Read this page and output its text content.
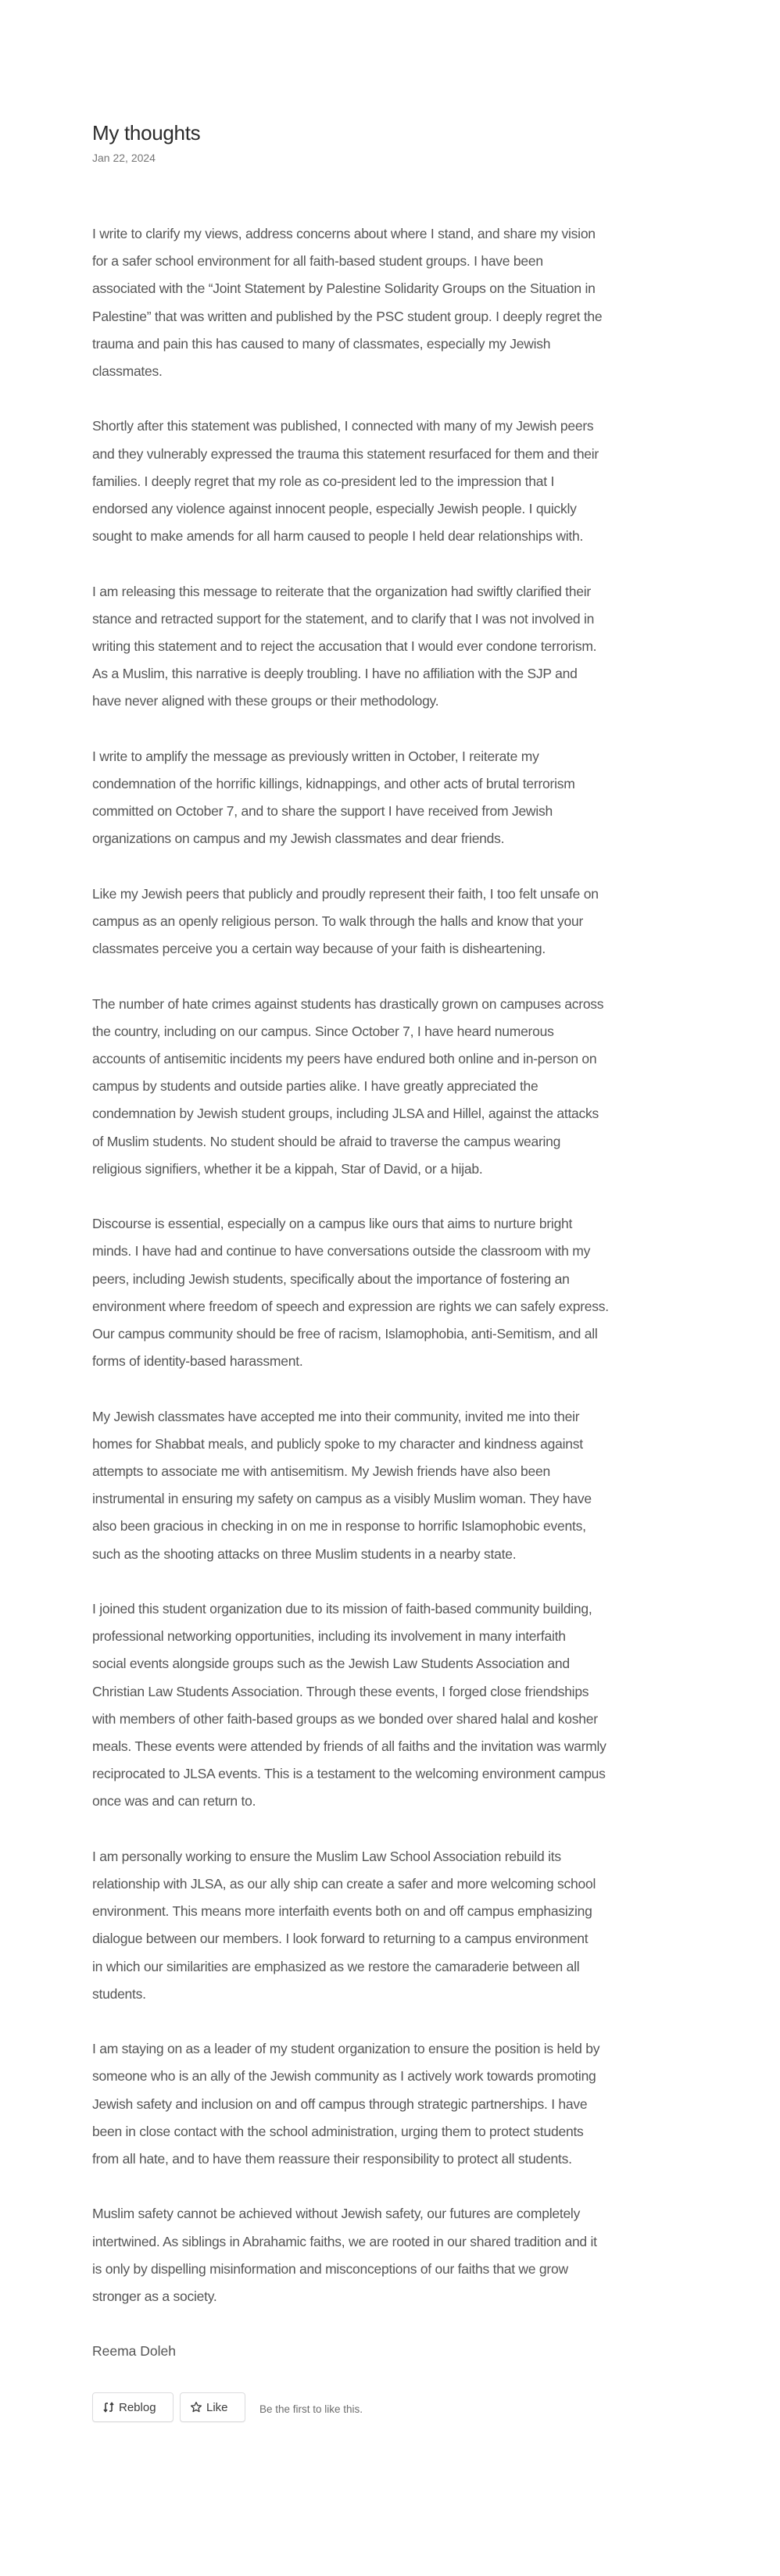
My thoughts
Jan 22, 2024

I write to clarify my views, address concerns about where I stand, and share my vision
for a safer school environment for all faith-based student groups. I have been
associated with the “Joint Statement by Palestine Solidarity Groups on the Situation in
Palestine” that was written and published by the PSC student group. I deeply regret the
trauma and pain this has caused to many of classmates, especially my Jewish
classmates.

Shortly after this statement was published, I connected with many of my Jewish peers
and they vulnerably expressed the trauma this statement resurfaced for them and their
families. I deeply regret that my role as co-president led to the impression that I
endorsed any violence against innocent people, especially Jewish people. I quickly
sought to make amends for all harm caused to people I held dear relationships with.

I am releasing this message to reiterate that the organization had swiftly clarified their
stance and retracted support for the statement, and to clarify that I was not involved in
writing this statement and to reject the accusation that I would ever condone terrorism.
As a Muslim, this narrative is deeply troubling. I have no affiliation with the SJP and
have never aligned with these groups or their methodology.

I write to amplify the message as previously written in October, I reiterate my
condemnation of the horrific killings, kidnappings, and other acts of brutal terrorism
committed on October 7, and to share the support I have received from Jewish
organizations on campus and my Jewish classmates and dear friends.

Like my Jewish peers that publicly and proudly represent their faith, I too felt unsafe on
campus as an openly religious person. To walk through the halls and know that your
classmates perceive you a certain way because of your faith is disheartening.

The number of hate crimes against students has drastically grown on campuses across
the country, including on our campus. Since October 7, I have heard numerous
accounts of antisemitic incidents my peers have endured both online and in-person on
campus by students and outside parties alike. I have greatly appreciated the
condemnation by Jewish student groups, including JLSA and Hillel, against the attacks
of Muslim students. No student should be afraid to traverse the campus wearing
religious signifiers, whether it be a kippah, Star of David, or a hijab.

Discourse is essential, especially on a campus like ours that aims to nurture bright
minds. I have had and continue to have conversations outside the classroom with my
peers, including Jewish students, specifically about the importance of fostering an
environment where freedom of speech and expression are rights we can safely express.
Our campus community should be free of racism, Islamophobia, anti-Semitism, and all
forms of identity-based harassment.

My Jewish classmates have accepted me into their community, invited me into their
homes for Shabbat meals, and publicly spoke to my character and kindness against
attempts to associate me with antisemitism. My Jewish friends have also been
instrumental in ensuring my safety on campus as a visibly Muslim woman. They have
also been gracious in checking in on me in response to horrific Islamophobic events,
such as the shooting attacks on three Muslim students in a nearby state.

I joined this student organization due to its mission of faith-based community building,
professional networking opportunities, including its involvement in many interfaith
social events alongside groups such as the Jewish Law Students Association and
Christian Law Students Association. Through these events, I forged close friendships
with members of other faith-based groups as we bonded over shared halal and kosher
meals. These events were attended by friends of all faiths and the invitation was warmly
reciprocated to JLSA events. This is a testament to the welcoming environment campus
once was and can return to.

I am personally working to ensure the Muslim Law School Association rebuild its
relationship with JLSA, as our ally ship can create a safer and more welcoming school
environment. This means more interfaith events both on and off campus emphasizing
dialogue between our members. I look forward to returning to a campus environment
in which our similarities are emphasized as we restore the camaraderie between all
students.

I am staying on as a leader of my student organization to ensure the position is held by
someone who is an ally of the Jewish community as I actively work towards promoting
Jewish safety and inclusion on and off campus through strategic partnerships. I have
been in close contact with the school administration, urging them to protect students
from all hate, and to have them reassure their responsibility to protect all students.

Muslim safety cannot be achieved without Jewish safety, our futures are completely
intertwined. As siblings in Abrahamic faiths, we are rooted in our shared tradition and it
is only by dispelling misinformation and misconceptions of our faiths that we grow
stronger as a society.

Reema Doleh

Reblog	Like	Be the first to like this.
